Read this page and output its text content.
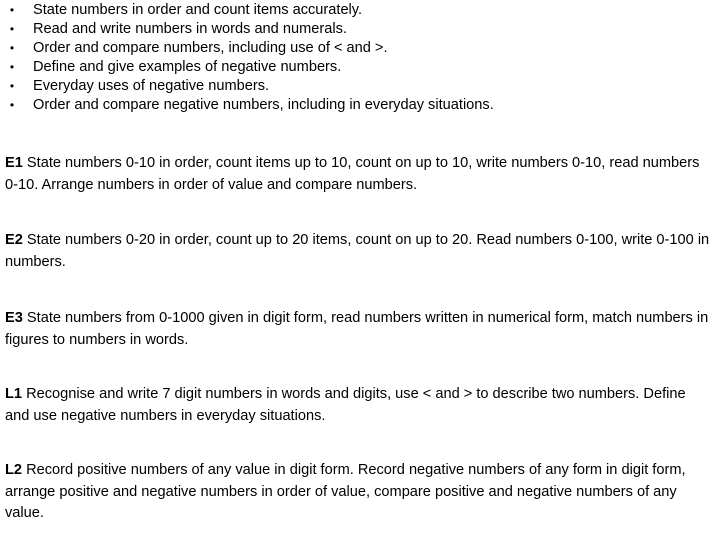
•	State numbers in order and count items accurately.
•	Read and write numbers in words and numerals.
•	Order and compare numbers, including use of < and >.
•	Define and give examples of negative numbers.
•	Everyday uses of negative numbers.
•	Order and compare negative numbers, including in everyday situations.

E1 State numbers 0-10 in order, count items up to 10, count on up to 10, write numbers 0-10, read numbers 0-10. Arrange numbers in order of value and compare numbers.

E2 State numbers 0-20 in order, count up to 20 items, count on up to 20. Read numbers 0-100, write 0-100 in numbers.

E3 State numbers from 0-1000 given in digit form, read numbers written in numerical form, match numbers in figures to numbers in words.

L1 Recognise and write 7 digit numbers in words and digits, use < and > to describe two numbers. Define and use negative numbers in everyday situations.

L2 Record positive numbers of any value in digit form. Record negative numbers of any form in digit form, arrange positive and negative numbers in order of value, compare positive and negative numbers of any value.
